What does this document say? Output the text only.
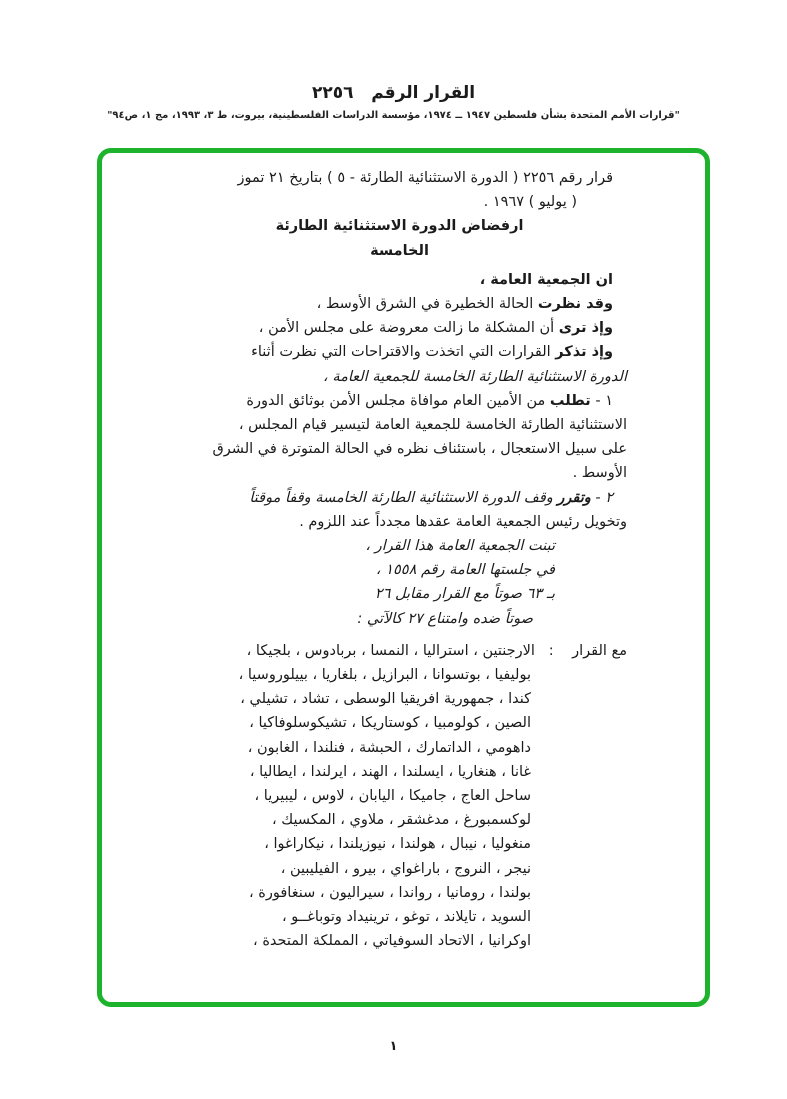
القرار الرقم   ٢٢٥٦
"قرارات الأمم المتحدة بشأن فلسطين ١٩٤٧ ــ ١٩٧٤، مؤسسة الدراسات الفلسطينية، بيروت، ط ٣، ١٩٩٣، مج ١، ص٩٤"
قرار رقم ٢٢٥٦ ( الدورة الاستثنائية الطارئة - ٥ ) بتاريخ ٢١ تموز
( يوليو ) ١٩٦٧ .
ارفضاض الدورة الاستثنائية الطارئة
الخامسة
ان الجمعية العامة ،
وقد نظرت الحالة الخطيرة في الشرق الأوسط ،
وإذ ترى أن المشكلة ما زالت معروضة على مجلس الأمن ،
وإذ تذكر القرارات التي اتخذت والاقتراحات التي نظرت أثناء
الدورة الاستثنائية الطارئة الخامسة للجمعية العامة ،
١ - تطلب من الأمين العام موافاة مجلس الأمن بوثائق الدورة
الاستثنائية الطارئة الخامسة للجمعية العامة لتيسير قيام المجلس ،
على سبيل الاستعجال ، باستئناف نظره في الحالة المتوترة في الشرق
الأوسط .
٢ - وتقرر وقف الدورة الاستثنائية الطارئة الخامسة وقفاً موقتاً
وتخويل رئيس الجمعية العامة عقدها مجدداً عند اللزوم .
تبنت الجمعية العامة هذا القرار ،
في جلستها العامة رقم ١٥٥٨ ،
بـ ٦٣ صوتاً مع القرار مقابل ٢٦
صوتاً ضده وامتناع ٢٧ كالآتي :
مع القرار    :   الارجنتين ، استراليا ، النمسا ، بربادوس ، بلجيكا ،
بوليفيا ، بوتسوانا ، البرازيل ، بلغاريا ، بييلوروسيا ،
كندا ، جمهورية افريقيا الوسطى ، تشاد ، تشيلي ،
الصين ، كولومبيا ، كوستاريكا ، تشيكوسلوفاكيا ،
داهومي ، الداتمارك ، الحبشة ، فنلندا ، الغابون ،
غانا ، هنغاريا ، ايسلندا ، الهند ، ايرلندا ، ايطاليا ،
ساحل العاج ، جاميكا ، اليابان ، لاوس ، ليبيريا ،
لوكسمبورغ ، مدغشقر ، ملاوي ، المكسيك ،
منغوليا ، نيبال ، هولندا ، نيوزيلندا ، نيكاراغوا ،
نيجر ، النروج ، باراغواي ، بيرو ، الفيليبين ،
بولندا ، رومانيا ، رواندا ، سيراليون ، سنغافورة ،
السويد ، تايلاند ، توغو ، ترينيداد وتوباغــو ،
اوكرانيا ، الاتحاد السوفياتي ، المملكة المتحدة ،
١
